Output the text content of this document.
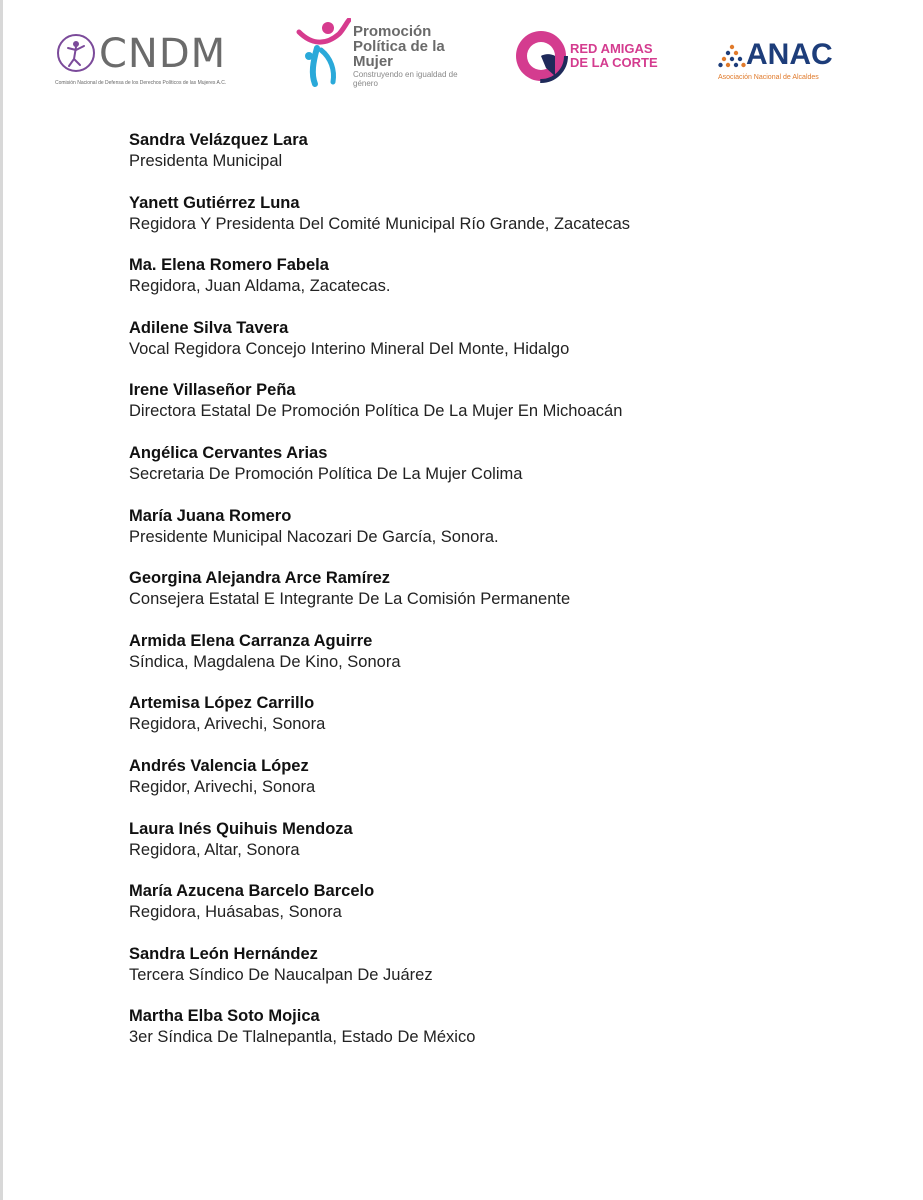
CNDM
Comisión Nacional de Defensa de los Derechos Políticos de las Mujeres A.C.
Promoción
Política de la
Mujer
Construyendo en igualdad de género
RED AMIGAS
DE LA CORTE	ANAC
Asociación Nacional de Alcaldes
Sandra Velázquez Lara
Presidenta Municipal
Yanett Gutiérrez Luna
Regidora Y Presidenta Del Comité Municipal Río Grande, Zacatecas
Ma. Elena Romero Fabela
Regidora, Juan Aldama, Zacatecas.
Adilene Silva Tavera
Vocal Regidora Concejo Interino Mineral Del Monte, Hidalgo
Irene Villaseñor Peña
Directora Estatal De Promoción Política De La Mujer En Michoacán
Angélica Cervantes Arias
Secretaria De Promoción Política De La Mujer Colima
María Juana Romero
Presidente Municipal Nacozari De García, Sonora.
Georgina Alejandra Arce Ramírez
Consejera Estatal E Integrante De La Comisión Permanente
Armida Elena Carranza Aguirre
Síndica, Magdalena De Kino, Sonora
Artemisa López Carrillo
Regidora, Arivechi, Sonora
Andrés Valencia López
Regidor, Arivechi, Sonora
Laura Inés Quihuis Mendoza
Regidora, Altar, Sonora
María Azucena Barcelo Barcelo
Regidora, Huásabas, Sonora
Sandra León Hernández
Tercera Síndico De Naucalpan De Juárez
Martha Elba Soto Mojica
3er Síndica De Tlalnepantla, Estado De México
